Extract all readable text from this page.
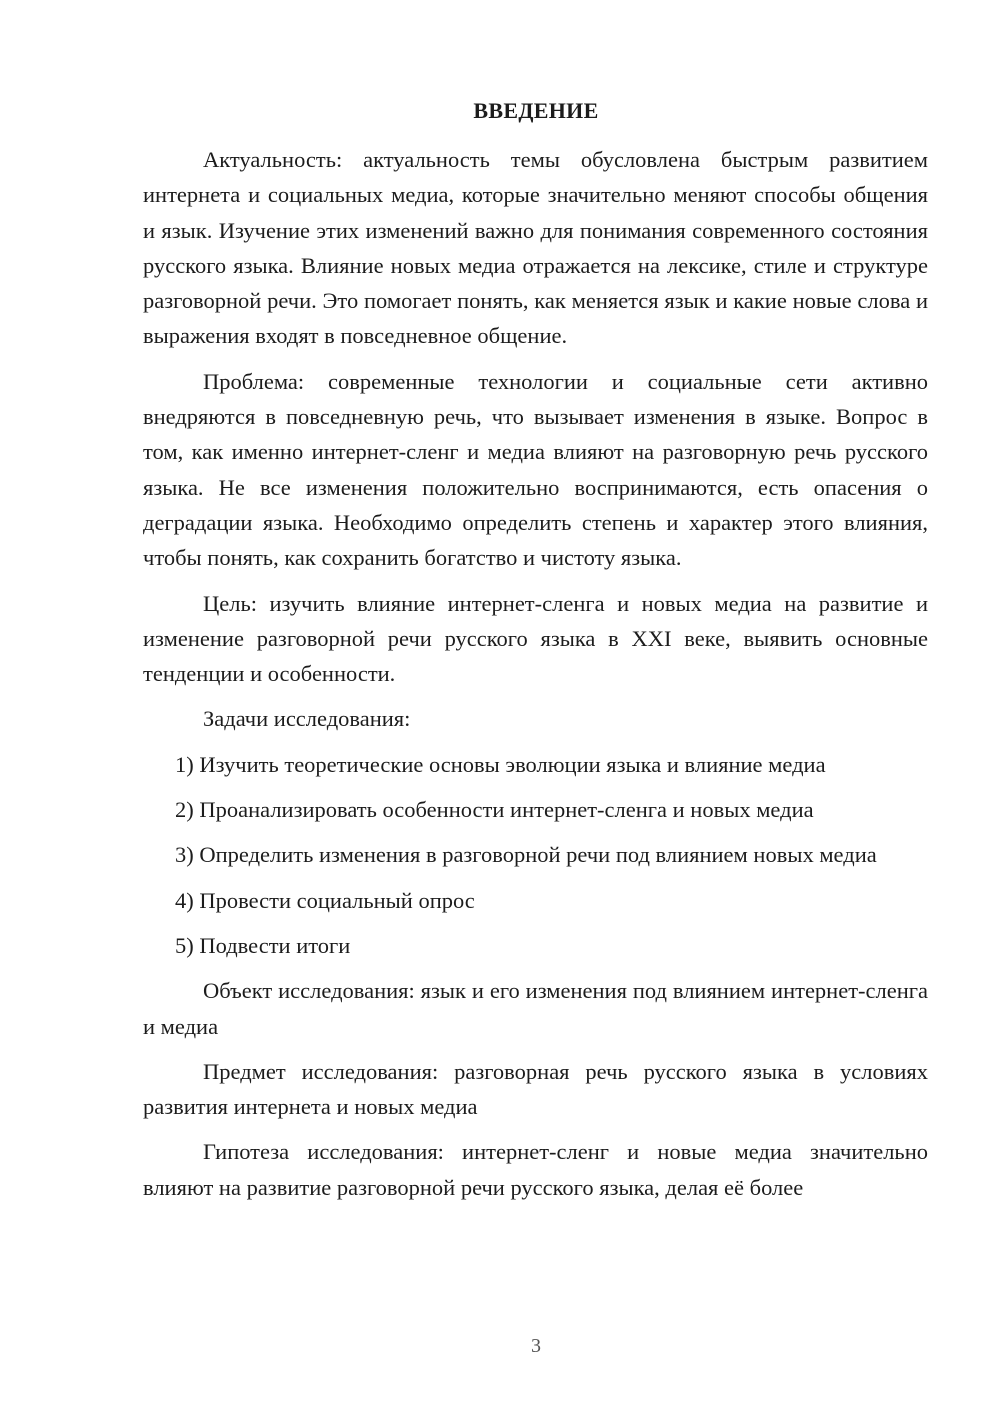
ВВЕДЕНИЕ

Актуальность: актуальность темы обусловлена быстрым развитием интернета и социальных медиа, которые значительно меняют способы общения и язык. Изучение этих изменений важно для понимания современного состояния русского языка. Влияние новых медиа отражается на лексике, стиле и структуре разговорной речи. Это помогает понять, как меняется язык и какие новые слова и выражения входят в повседневное общение.

Проблема: современные технологии и социальные сети активно внедряются в повседневную речь, что вызывает изменения в языке. Вопрос в том, как именно интернет-сленг и медиа влияют на разговорную речь русского языка. Не все изменения положительно воспринимаются, есть опасения о деградации языка. Необходимо определить степень и характер этого влияния, чтобы понять, как сохранить богатство и чистоту языка.

Цель: изучить влияние интернет-сленга и новых медиа на развитие и изменение разговорной речи русского языка в XXI веке, выявить основные тенденции и особенности.

Задачи исследования:

1) Изучить теоретические основы эволюции языка и влияние медиа

2) Проанализировать особенности интернет-сленга и новых медиа

3) Определить изменения в разговорной речи под влиянием новых медиа

4) Провести социальный опрос

5) Подвести итоги

Объект исследования: язык и его изменения под влиянием интернет-сленга и медиа

Предмет исследования: разговорная речь русского языка в условиях развития интернета и новых медиа

Гипотеза исследования: интернет-сленг и новые медиа значительно влияют на развитие разговорной речи русского языка, делая её более

3
